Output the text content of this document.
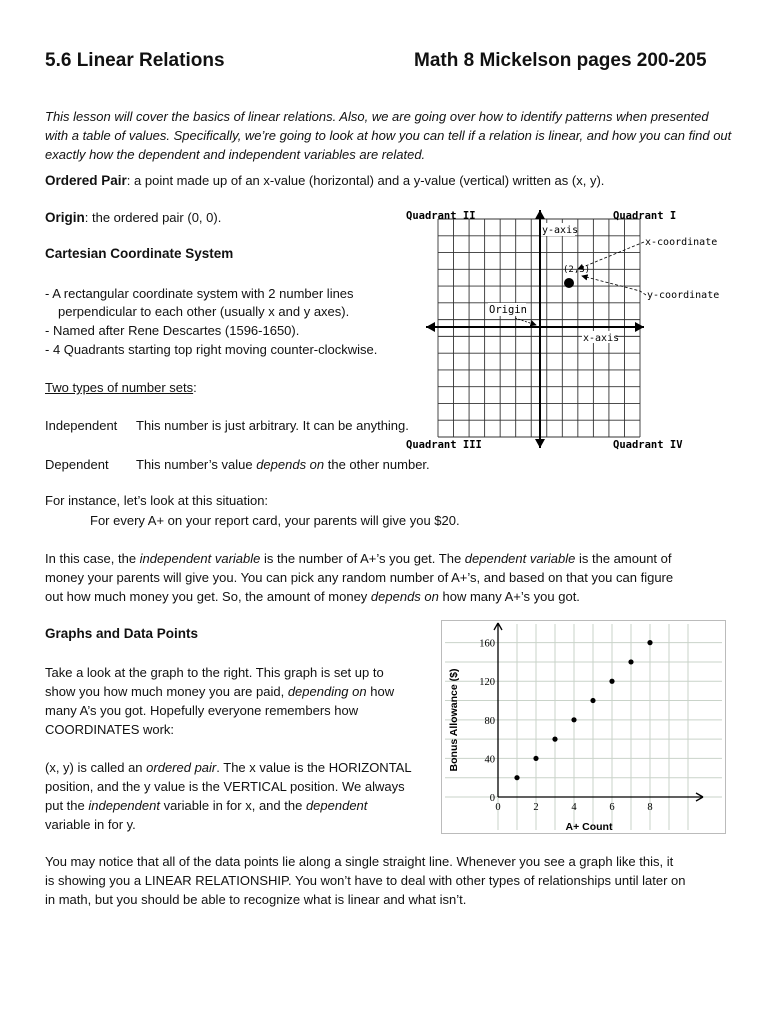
5.6 Linear Relations	Math 8 Mickelson pages 200-205

This lesson will cover the basics of linear relations. Also, we are going over how to identify patterns when presented with a table of values. Specifically, we’re going to look at how you can tell if a relation is linear, and how you can find out exactly how the dependent and independent variables are related.

Ordered Pair: a point made up of an x-value (horizontal) and a y-value (vertical) written as (x, y).

Origin: the ordered pair (0, 0).

Cartesian Coordinate System

- A rectangular coordinate system with 2 number lines

perpendicular to each other (usually x and y axes).

- Named after Rene Descartes (1596-1650).

- 4 Quadrants starting top right moving counter-clockwise.

Two types of number sets:

Independent This number is just arbitrary. It can be anything.

Dependent This number’s value depends on the other number.

For instance, let’s look at this situation:

For every A+ on your report card, your parents will give you $20.

In this case, the independent variable is the number of A+’s you get. The dependent variable is the amount of

money your parents will give you. You can pick any random number of A+’s, and based on that you can figure

out how much money you get. So, the amount of money depends on how many A+’s you got.

Graphs and Data Points

Take a look at the graph to the right. This graph is set up to

show you how much money you are paid, depending on how

many A’s you got. Hopefully everyone remembers how

COORDINATES work:

(x, y) is called an ordered pair. The x value is the HORIZONTAL

position, and the y value is the VERTICAL position. We always

put the independent variable in for x, and the dependent

variable in for y.

You may notice that all of the data points lie along a single straight line. Whenever you see a graph like this, it

is showing you a LINEAR RELATIONSHIP. You won’t have to deal with other types of relationships until later on

in math, but you should be able to recognize what is linear and what isn’t.

Quadrant II	Quadrant I
Quadrant III	Quadrant IV
y-axis
Origin
x-axis
(2,3)
x-coordinate
y-coordinate
0	2	4	6	8
0
40
80
120
160
A+ Count
Bonus Allowance ($)
